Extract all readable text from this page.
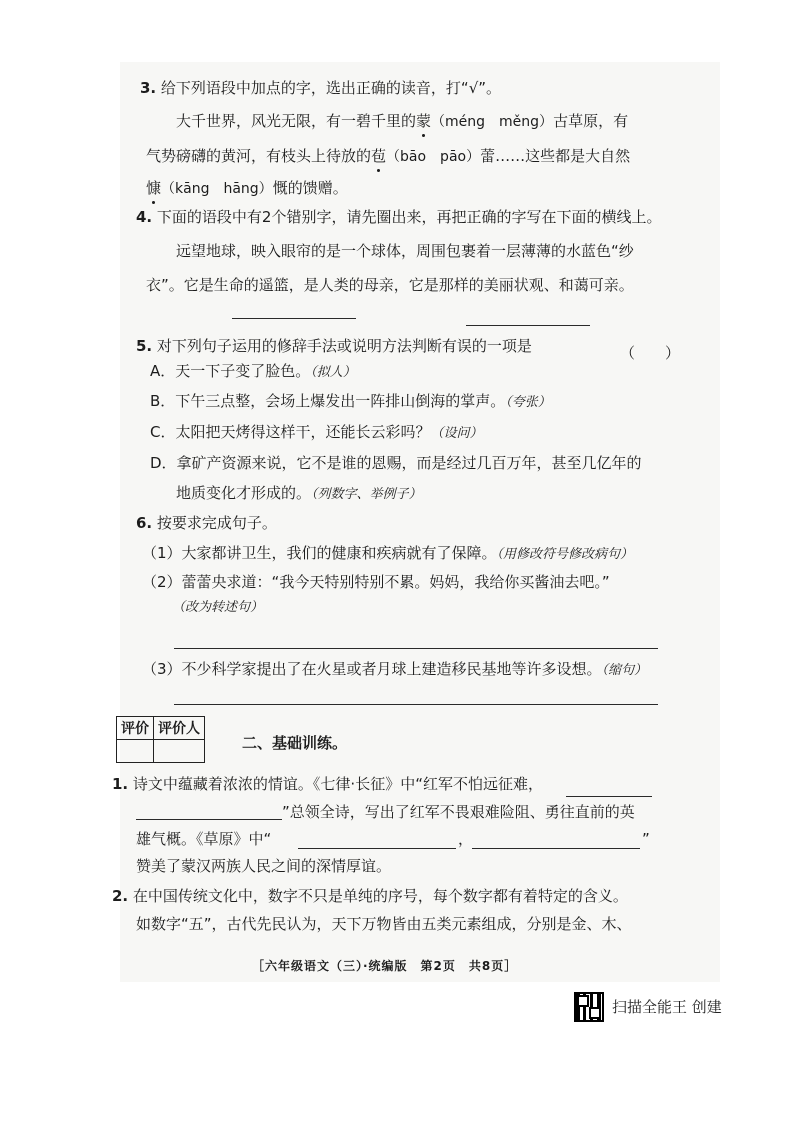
3. 给下列语段中加点的字，选出正确的读音，打“√”。
大千世界，风光无限，有一碧千里的蒙（méng　měng）古草原，有
气势磅礴的黄河，有枝头上待放的苞（bāo　pāo）蕾……这些都是大自然
慷（kāng　hāng）慨的馈赠。
4. 下面的语段中有2个错别字，请先圈出来，再把正确的字写在下面的横线上。
远望地球，映入眼帘的是一个球体，周围包裹着一层薄薄的水蓝色“纱
衣”。它是生命的遥篮，是人类的母亲，它是那样的美丽状观、和蔼可亲。
5. 对下列句子运用的修辞手法或说明方法判断有误的一项是	（　　）
A．天一下子变了脸色。（拟人）
B．下午三点整，会场上爆发出一阵排山倒海的掌声。（夸张）
C．太阳把天烤得这样干，还能长云彩吗？（设问）
D．拿矿产资源来说，它不是谁的恩赐，而是经过几百万年，甚至几亿年的
地质变化才形成的。（列数字、举例子）
6. 按要求完成句子。
（1）大家都讲卫生，我们的健康和疾病就有了保障。（用修改符号修改病句）
（2）蕾蕾央求道：“我今天特别特别不累。妈妈，我给你买酱油去吧。”
（改为转述句）
（3）不少科学家提出了在火星或者月球上建造移民基地等许多设想。（缩句）
评价	评价人

二、基础训练。
1. 诗文中蕴藏着浓浓的情谊。《七律·长征》中“红军不怕远征难，
”总领全诗，写出了红军不畏艰难险阻、勇往直前的英
雄气概。《草原》中“	，	”
赞美了蒙汉两族人民之间的深情厚谊。
2. 在中国传统文化中，数字不只是单纯的序号，每个数字都有着特定的含义。
如数字“五”，古代先民认为，天下万物皆由五类元素组成，分别是金、木、
［六年级语文（三）·统编版　第2页　共8页］
扫描全能王 创建
